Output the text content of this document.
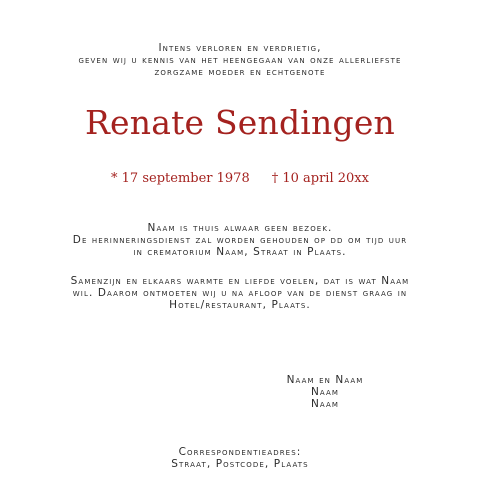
Intens verloren en verdrietig,
geven wij u kennis van het heengegaan van onze allerliefste
zorgzame moeder en echtgenote
Renate Sendingen
* 17 september 1978 † 10 april 20xx
Naam is thuis alwaar geen bezoek.
De herinneringsdienst zal worden gehouden op dd om tijd uur
in crematorium Naam, Straat in Plaats.
Samenzijn en elkaars warmte en liefde voelen, dat is wat Naam
wil. Daarom ontmoeten wij u na afloop van de dienst graag in
Hotel/restaurant, Plaats.
Naam en Naam
Naam
Naam
Correspondentieadres:
Straat, Postcode, Plaats
